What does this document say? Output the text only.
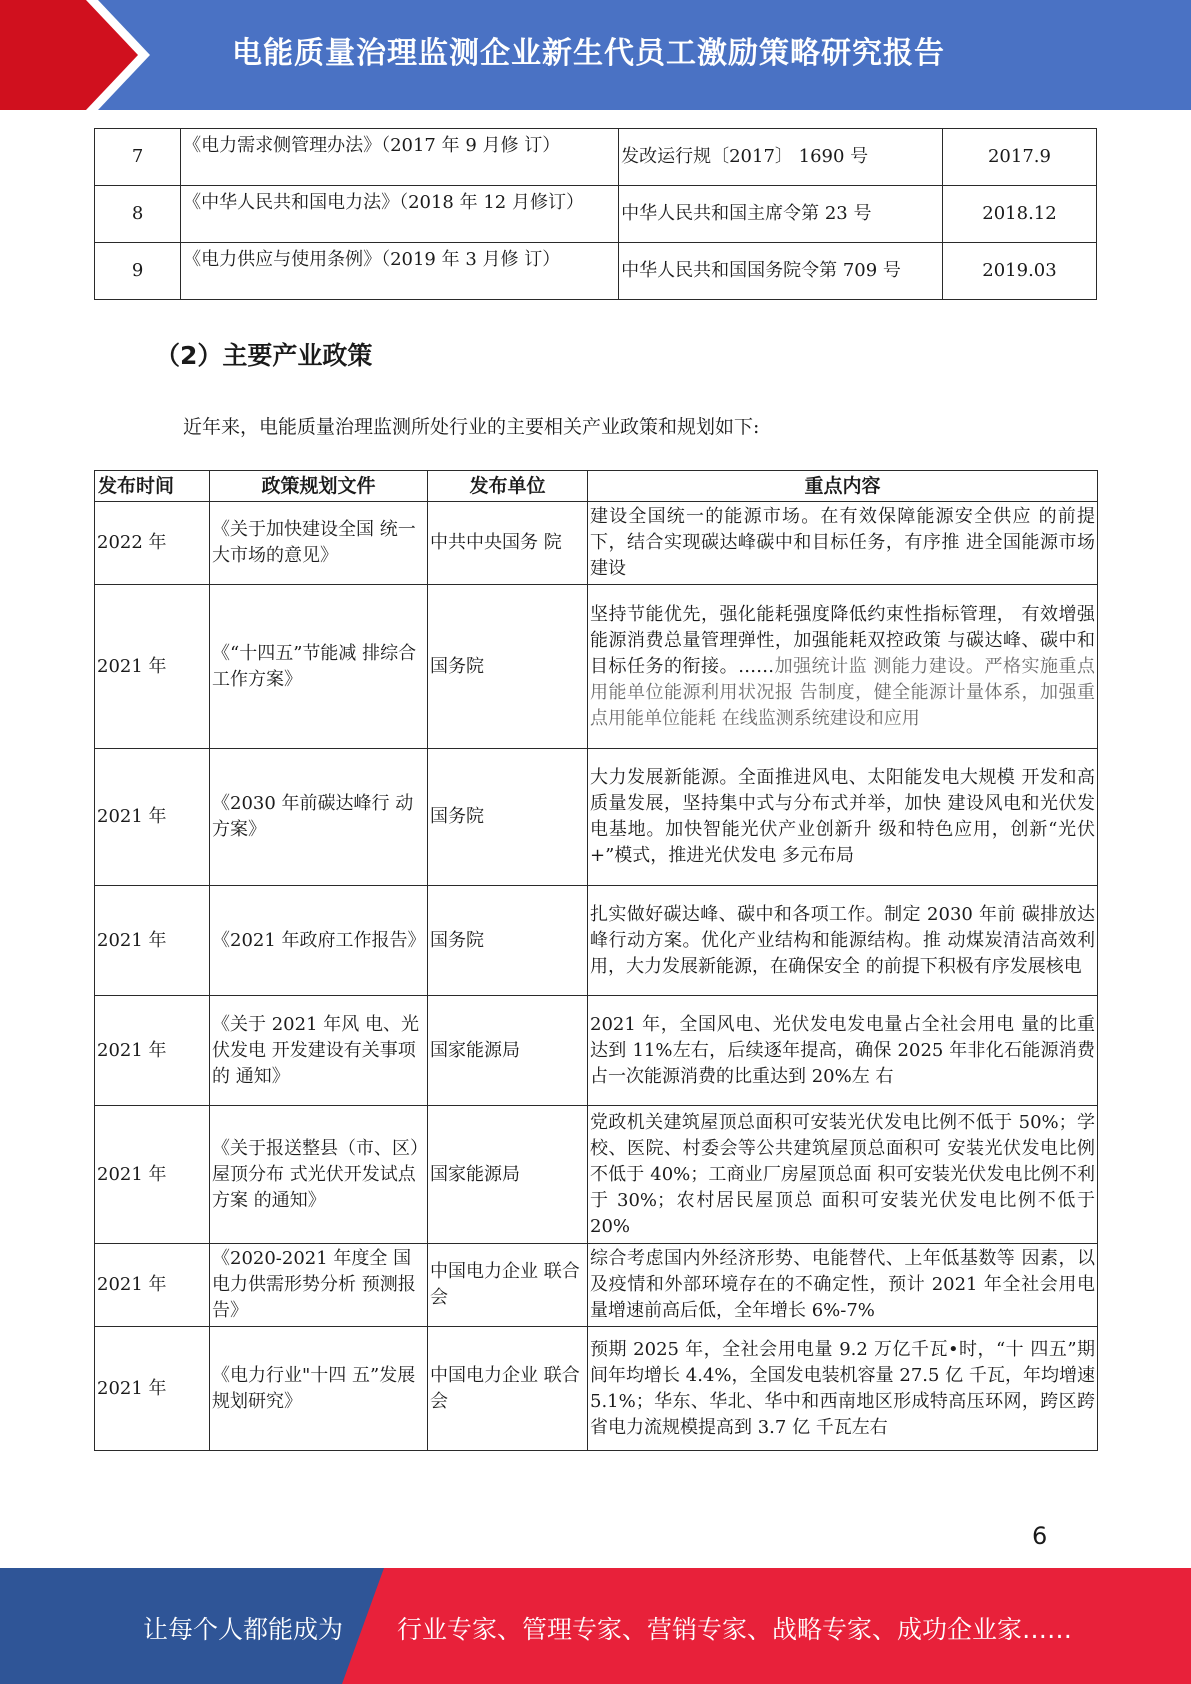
电能质量治理监测企业新生代员工激励策略研究报告
7	《电力需求侧管理办法》（2017 年 9 月修 订）	发改运行规〔2017〕 1690 号	2017.9
8	《中华人民共和国电力法》（2018 年 12 月修订）	中华人民共和国主席令第 23 号	2018.12
9	《电力供应与使用条例》（2019 年 3 月修 订）	中华人民共和国国务院令第 709 号	2019.03
（2）主要产业政策
近年来，电能质量治理监测所处行业的主要相关产业政策和规划如下:
发布时间	政策规划文件	发布单位	重点内容
2022 年	《关于加快建设全国 统一大市场的意见》	中共中央国务 院	建设全国统一的能源市场。在有效保障能源安全供应 的前提下，结合实现碳达峰碳中和目标任务，有序推 进全国能源市场建设
2021 年	《“十四五”节能减 排综合工作方案》	国务院	坚持节能优先，强化能耗强度降低约束性指标管理， 有效增强能源消费总量管理弹性，加强能耗双控政策 与碳达峰、碳中和目标任务的衔接。……加强统计监 测能力建设。严格实施重点用能单位能源利用状况报 告制度，健全能源计量体系，加强重点用能单位能耗 在线监测系统建设和应用
2021 年	《2030 年前碳达峰行 动方案》	国务院	大力发展新能源。全面推进风电、太阳能发电大规模 开发和高质量发展，坚持集中式与分布式并举，加快 建设风电和光伏发电基地。加快智能光伏产业创新升 级和特色应用，创新“光伏+”模式，推进光伏发电 多元布局
2021 年	《2021 年政府工作报告》	国务院	扎实做好碳达峰、碳中和各项工作。制定 2030 年前 碳排放达峰行动方案。优化产业结构和能源结构。推 动煤炭清洁高效利用，大力发展新能源，在确保安全 的前提下积极有序发展核电
2021 年	《关于 2021 年风 电、光伏发电 开发建设有关事项的 通知》	国家能源局	2021 年，全国风电、光伏发电发电量占全社会用电 量的比重达到 11%左右，后续逐年提高，确保 2025 年非化石能源消费占一次能源消费的比重达到 20%左 右
2021 年	《关于报送整县（市、区）屋顶分布 式光伏开发试点方案 的通知》	国家能源局	党政机关建筑屋顶总面积可安装光伏发电比例不低于 50%；学校、医院、村委会等公共建筑屋顶总面积可 安装光伏发电比例不低于 40%；工商业厂房屋顶总面 积可安装光伏发电比例不利于 30%；农村居民屋顶总 面积可安装光伏发电比例不低于 20%
2021 年	《2020-2021 年度全 国电力供需形势分析 预测报告》	中国电力企业 联合会	综合考虑国内外经济形势、电能替代、上年低基数等 因素，以及疫情和外部环境存在的不确定性，预计 2021 年全社会用电量增速前高后低，全年增长 6%-7%
2021 年	《电力行业"十四 五”发展规划研究》	中国电力企业 联合会	预期 2025 年，全社会用电量 9.2 万亿千瓦•时，“十 四五”期间年均增长 4.4%，全国发电装机容量 27.5 亿 千瓦，年均增速 5.1%；华东、华北、华中和西南地区形成特高压环网，跨区跨省电力流规模提高到 3.7 亿 千瓦左右
6
让每个人都能成为 行业专家、管理专家、营销专家、战略专家、成功企业家……
